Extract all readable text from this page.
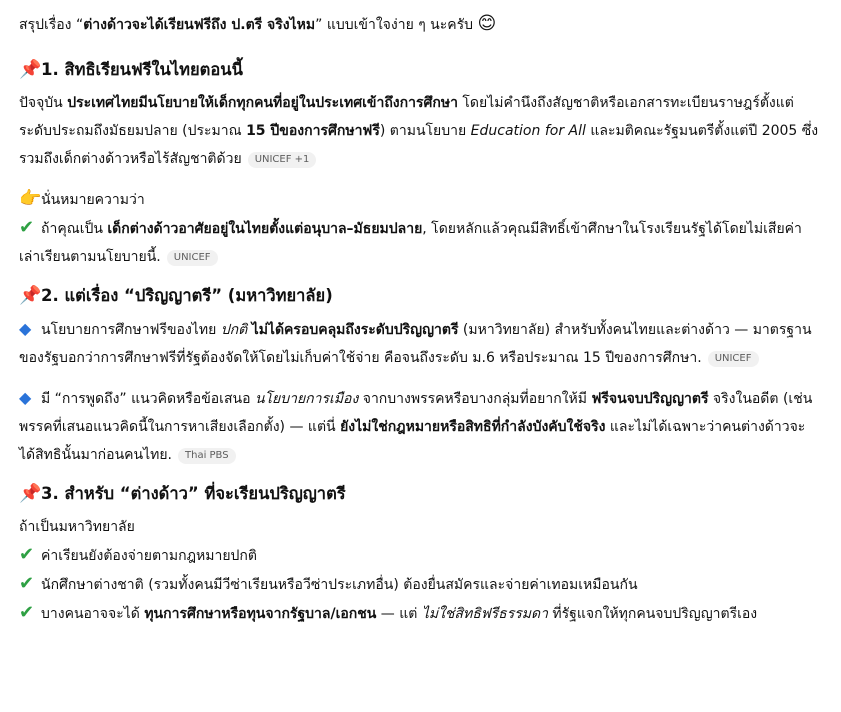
สรุปเรื่อง “ต่างด้าวจะได้เรียนฟรีถึง ป.ตรี จริงไหม” แบบเข้าใจง่าย ๆ นะครับ 😊

📌1. สิทธิเรียนฟรีในไทยตอนนี้

ปัจจุบัน ประเทศไทยมีนโยบายให้เด็กทุกคนที่อยู่ในประเทศเข้าถึงการศึกษา โดยไม่คำนึงถึงสัญชาติหรือเอกสารทะเบียนราษฎร์ตั้งแต่ระดับประถมถึงมัธยมปลาย (ประมาณ 15 ปีของการศึกษาฟรี) ตามนโยบาย Education for All และมติคณะรัฐมนตรีตั้งแต่ปี 2005 ซึ่งรวมถึงเด็กต่างด้าวหรือไร้สัญชาติด้วย UNICEF +1

👉นั่นหมายความว่า

✔ ถ้าคุณเป็น เด็กต่างด้าวอาศัยอยู่ในไทยตั้งแต่อนุบาล–มัธยมปลาย, โดยหลักแล้วคุณมีสิทธิ์เข้าศึกษาในโรงเรียนรัฐได้โดยไม่เสียค่าเล่าเรียนตามนโยบายนี้. UNICEF

📌2. แต่เรื่อง “ปริญญาตรี” (มหาวิทยาลัย)

◆ นโยบายการศึกษาฟรีของไทย ปกติ ไม่ได้ครอบคลุมถึงระดับปริญญาตรี (มหาวิทยาลัย) สำหรับทั้งคนไทยและต่างด้าว — มาตรฐานของรัฐบอกว่าการศึกษาฟรีที่รัฐต้องจัดให้โดยไม่เก็บค่าใช้จ่าย คือจนถึงระดับ ม.6 หรือประมาณ 15 ปีของการศึกษา. UNICEF

◆ มี “การพูดถึง” แนวคิดหรือข้อเสนอ นโยบายการเมือง จากบางพรรคหรือบางกลุ่มที่อยากให้มี ฟรีจนจบปริญญาตรี จริงในอดีต (เช่น พรรคที่เสนอแนวคิดนี้ในการหาเสียงเลือกตั้ง) — แต่นี่ ยังไม่ใช่กฎหมายหรือสิทธิที่กำลังบังคับใช้จริง และไม่ได้เฉพาะว่าคนต่างด้าวจะได้สิทธินั้นมาก่อนคนไทย. Thai PBS

📌3. สำหรับ “ต่างด้าว” ที่จะเรียนปริญญาตรี

ถ้าเป็นมหาวิทยาลัย

✔ ค่าเรียนยังต้องจ่ายตามกฎหมายปกติ

✔ นักศึกษาต่างชาติ (รวมทั้งคนมีวีซ่าเรียนหรือวีซ่าประเภทอื่น) ต้องยื่นสมัครและจ่ายค่าเทอมเหมือนกัน

✔ บางคนอาจจะได้ ทุนการศึกษาหรือทุนจากรัฐบาล/เอกชน — แต่ ไม่ใช่สิทธิฟรีธรรมดา ที่รัฐแจกให้ทุกคนจบปริญญาตรีเอง
